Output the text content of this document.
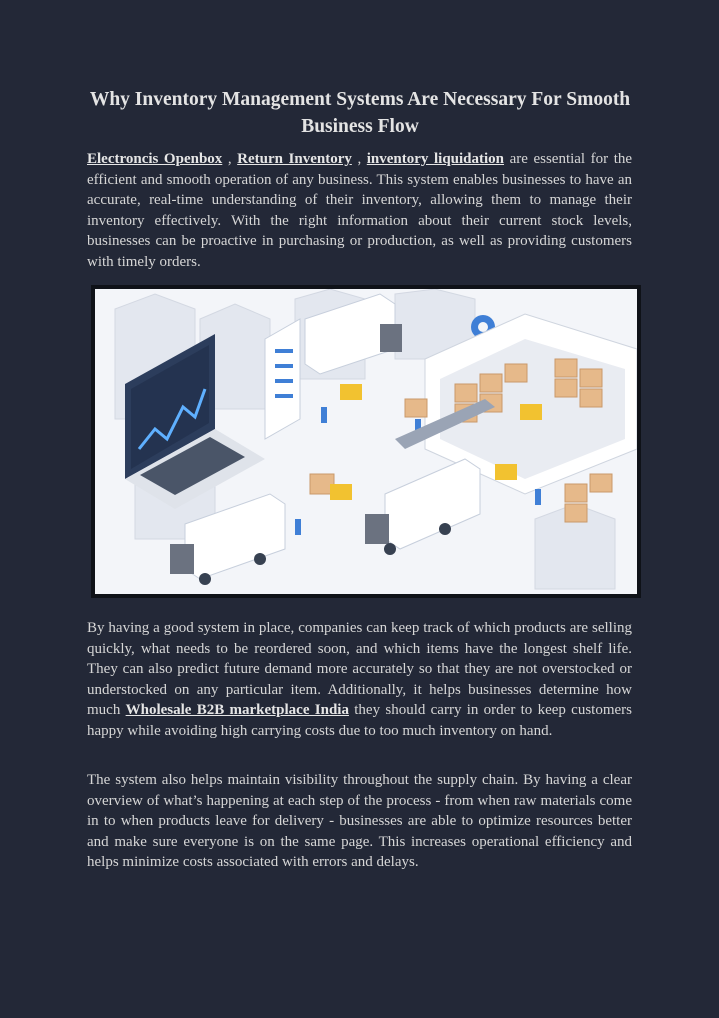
Why Inventory Management Systems Are Necessary For Smooth Business Flow

Electroncis Openbox , Return Inventory , inventory liquidation are essential for the efficient and smooth operation of any business. This system enables businesses to have an accurate, real-time understanding of their inventory, allowing them to manage their inventory effectively. With the right information about their current stock levels, businesses can be proactive in purchasing or production, as well as providing customers with timely orders.

By having a good system in place, companies can keep track of which products are selling quickly, what needs to be reordered soon, and which items have the longest shelf life. They can also predict future demand more accurately so that they are not overstocked or understocked on any particular item. Additionally, it helps businesses determine how much Wholesale B2B marketplace India they should carry in order to keep customers happy while avoiding high carrying costs due to too much inventory on hand.

The system also helps maintain visibility throughout the supply chain. By having a clear overview of what’s happening at each step of the process - from when raw materials come in to when products leave for delivery - businesses are able to optimize resources better and make sure everyone is on the same page. This increases operational efficiency and helps minimize costs associated with errors and delays.
